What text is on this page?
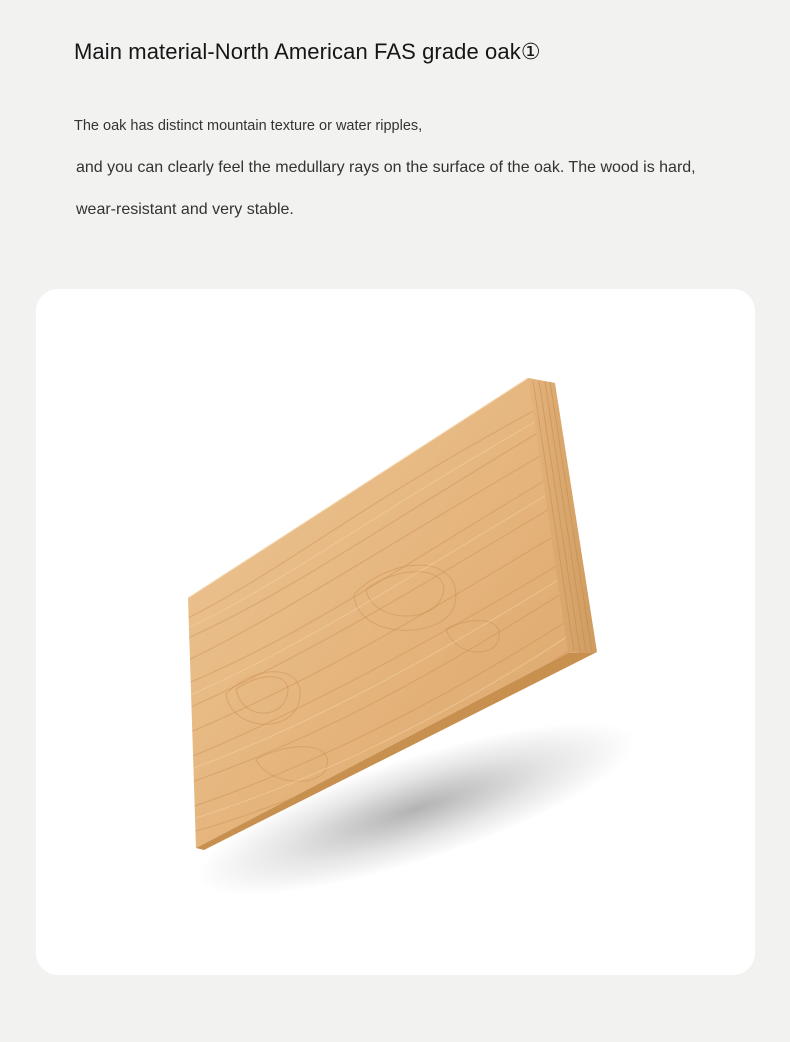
Main material-North American FAS grade oak①
The oak has distinct mountain texture or water ripples,
and you can clearly feel the medullary rays on the surface of the oak. The wood is hard,
wear-resistant and very stable.
